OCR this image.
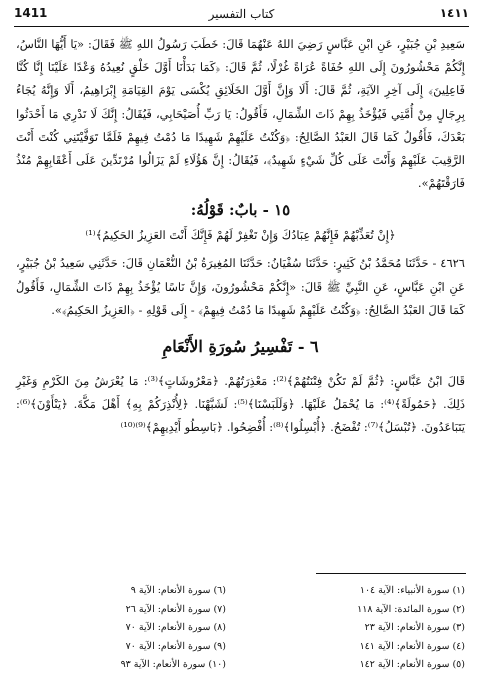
1411	كتاب التفسير	١٤١١

سَعِيدِ بْنِ جُبَيْرٍ، عَنِ ابْنِ عَبَّاسٍ رَضِيَ اللهُ عَنْهُمَا قَالَ: خَطَبَ رَسُولُ اللهِ ﷺ فَقَالَ: «يَا أَيُّهَا النَّاسُ، إِنَّكُمْ مَحْشُورُونَ إِلَى اللهِ حُفَاةً عُرَاةً غُرْلًا، ثُمَّ قَالَ: ﴿كَمَا بَدَأْنَا أَوَّلَ خَلْقٍ نُعِيدُهُ وَعْدًا عَلَيْنَا إِنَّا كُنَّا فَاعِلِينَ﴾ إِلَى آخِرِ الآيَةِ، ثُمَّ قَالَ: أَلَا وَإِنَّ أَوَّلَ الخَلَائِقِ يُكْسَى يَوْمَ القِيَامَةِ إِبْرَاهِيمُ، أَلَا وَإِنَّهُ يُجَاءُ بِرِجَالٍ مِنْ أُمَّتِي فَيُؤْخَذُ بِهِمْ ذَاتَ الشِّمَالِ، فَأَقُولُ: يَا رَبِّ أُصَيْحَابِي، فَيُقَالُ: إِنَّكَ لَا تَدْرِي مَا أَحْدَثُوا بَعْدَكَ، فَأَقُولُ كَمَا قَالَ العَبْدُ الصَّالِحُ: ﴿وَكُنْتُ عَلَيْهِمْ شَهِيدًا مَا دُمْتُ فِيهِمْ فَلَمَّا تَوَفَّيْتَنِي كُنْتَ أَنْتَ الرَّقِيبَ عَلَيْهِمْ وَأَنْتَ عَلَى كُلِّ شَيْءٍ شَهِيدٌ﴾، فَيُقَالُ: إِنَّ هَؤُلَاءِ لَمْ يَزَالُوا مُرْتَدِّينَ عَلَى أَعْقَابِهِمْ مُنْذُ فَارَقْتَهُمْ».

١٥ - بابٌ: قَوْلُهُ:
﴿إِنْ تُعَذِّبْهُمْ فَإِنَّهُمْ عِبَادُكَ وَإِنْ تَغْفِرْ لَهُمْ فَإِنَّكَ أَنْتَ العَزِيزُ الحَكِيمُ﴾⁽¹⁾

٤٦٢٦ - حَدَّثَنَا مُحَمَّدُ بْنُ كَثِيرٍ: حَدَّثَنَا سُفْيَانُ: حَدَّثَنَا المُغِيرَةُ بْنُ النُّعْمَانِ قَالَ: حَدَّثَنِي سَعِيدُ بْنُ جُبَيْرٍ، عَنِ ابْنِ عَبَّاسٍ، عَنِ النَّبِيِّ ﷺ قَالَ: «إِنَّكُمْ مَحْشُورُونَ، وَإِنَّ نَاسًا يُؤْخَذُ بِهِمْ ذَاتَ الشِّمَالِ، فَأَقُولُ كَمَا قَالَ العَبْدُ الصَّالِحُ: ﴿وَكُنْتُ عَلَيْهِمْ شَهِيدًا مَا دُمْتُ فِيهِمْ﴾ - إِلَى قَوْلِهِ - ﴿العَزِيزُ الحَكِيمُ﴾».

٦ - تَفْسِيرُ سُورَةِ الأَنْعَامِ

قَالَ ابْنُ عَبَّاسٍ: ﴿ثُمَّ لَمْ تَكُنْ فِتْنَتُهُمْ﴾⁽²⁾: مَعْذِرَتُهُمْ. ﴿مَعْرُوشَاتٍ﴾⁽³⁾: مَا يُعْرَشُ مِنَ الكَرْمِ وَغَيْرِ ذَلِكَ. ﴿حَمُولَةً﴾⁽⁴⁾: مَا يُحْمَلُ عَلَيْهَا. ﴿وَلَلَبَسْنَا﴾⁽⁵⁾: لَشَبَّهْنَا. ﴿لِأُنْذِرَكُمْ بِهِ﴾ أَهْلَ مَكَّةَ. ﴿يَنْأَوْنَ﴾⁽⁶⁾: يَتَبَاعَدُونَ. ﴿تُبْسَلُ﴾⁽⁷⁾: تُفْضَحُ. ﴿أُبْسِلُوا﴾⁽⁸⁾: أُفْضِحُوا. ﴿بَاسِطُو أَيْدِيهِمْ﴾⁽⁹⁾⁽¹⁰⁾

(١) سورة الأنبياء: الآية ١٠٤
(٢) سورة المائدة: الآية ١١٨
(٣) سورة الأنعام: الآية ٢٣
(٤) سورة الأنعام: الآية ١٤١
(٥) سورة الأنعام: الآية ١٤٢
(٦) سورة الأنعام: الآية ٩
(٧) سورة الأنعام: الآية ٢٦
(٨) سورة الأنعام: الآية ٧٠
(٩) سورة الأنعام: الآية ٧٠
(١٠) سورة الأنعام: الآية ٩٣
